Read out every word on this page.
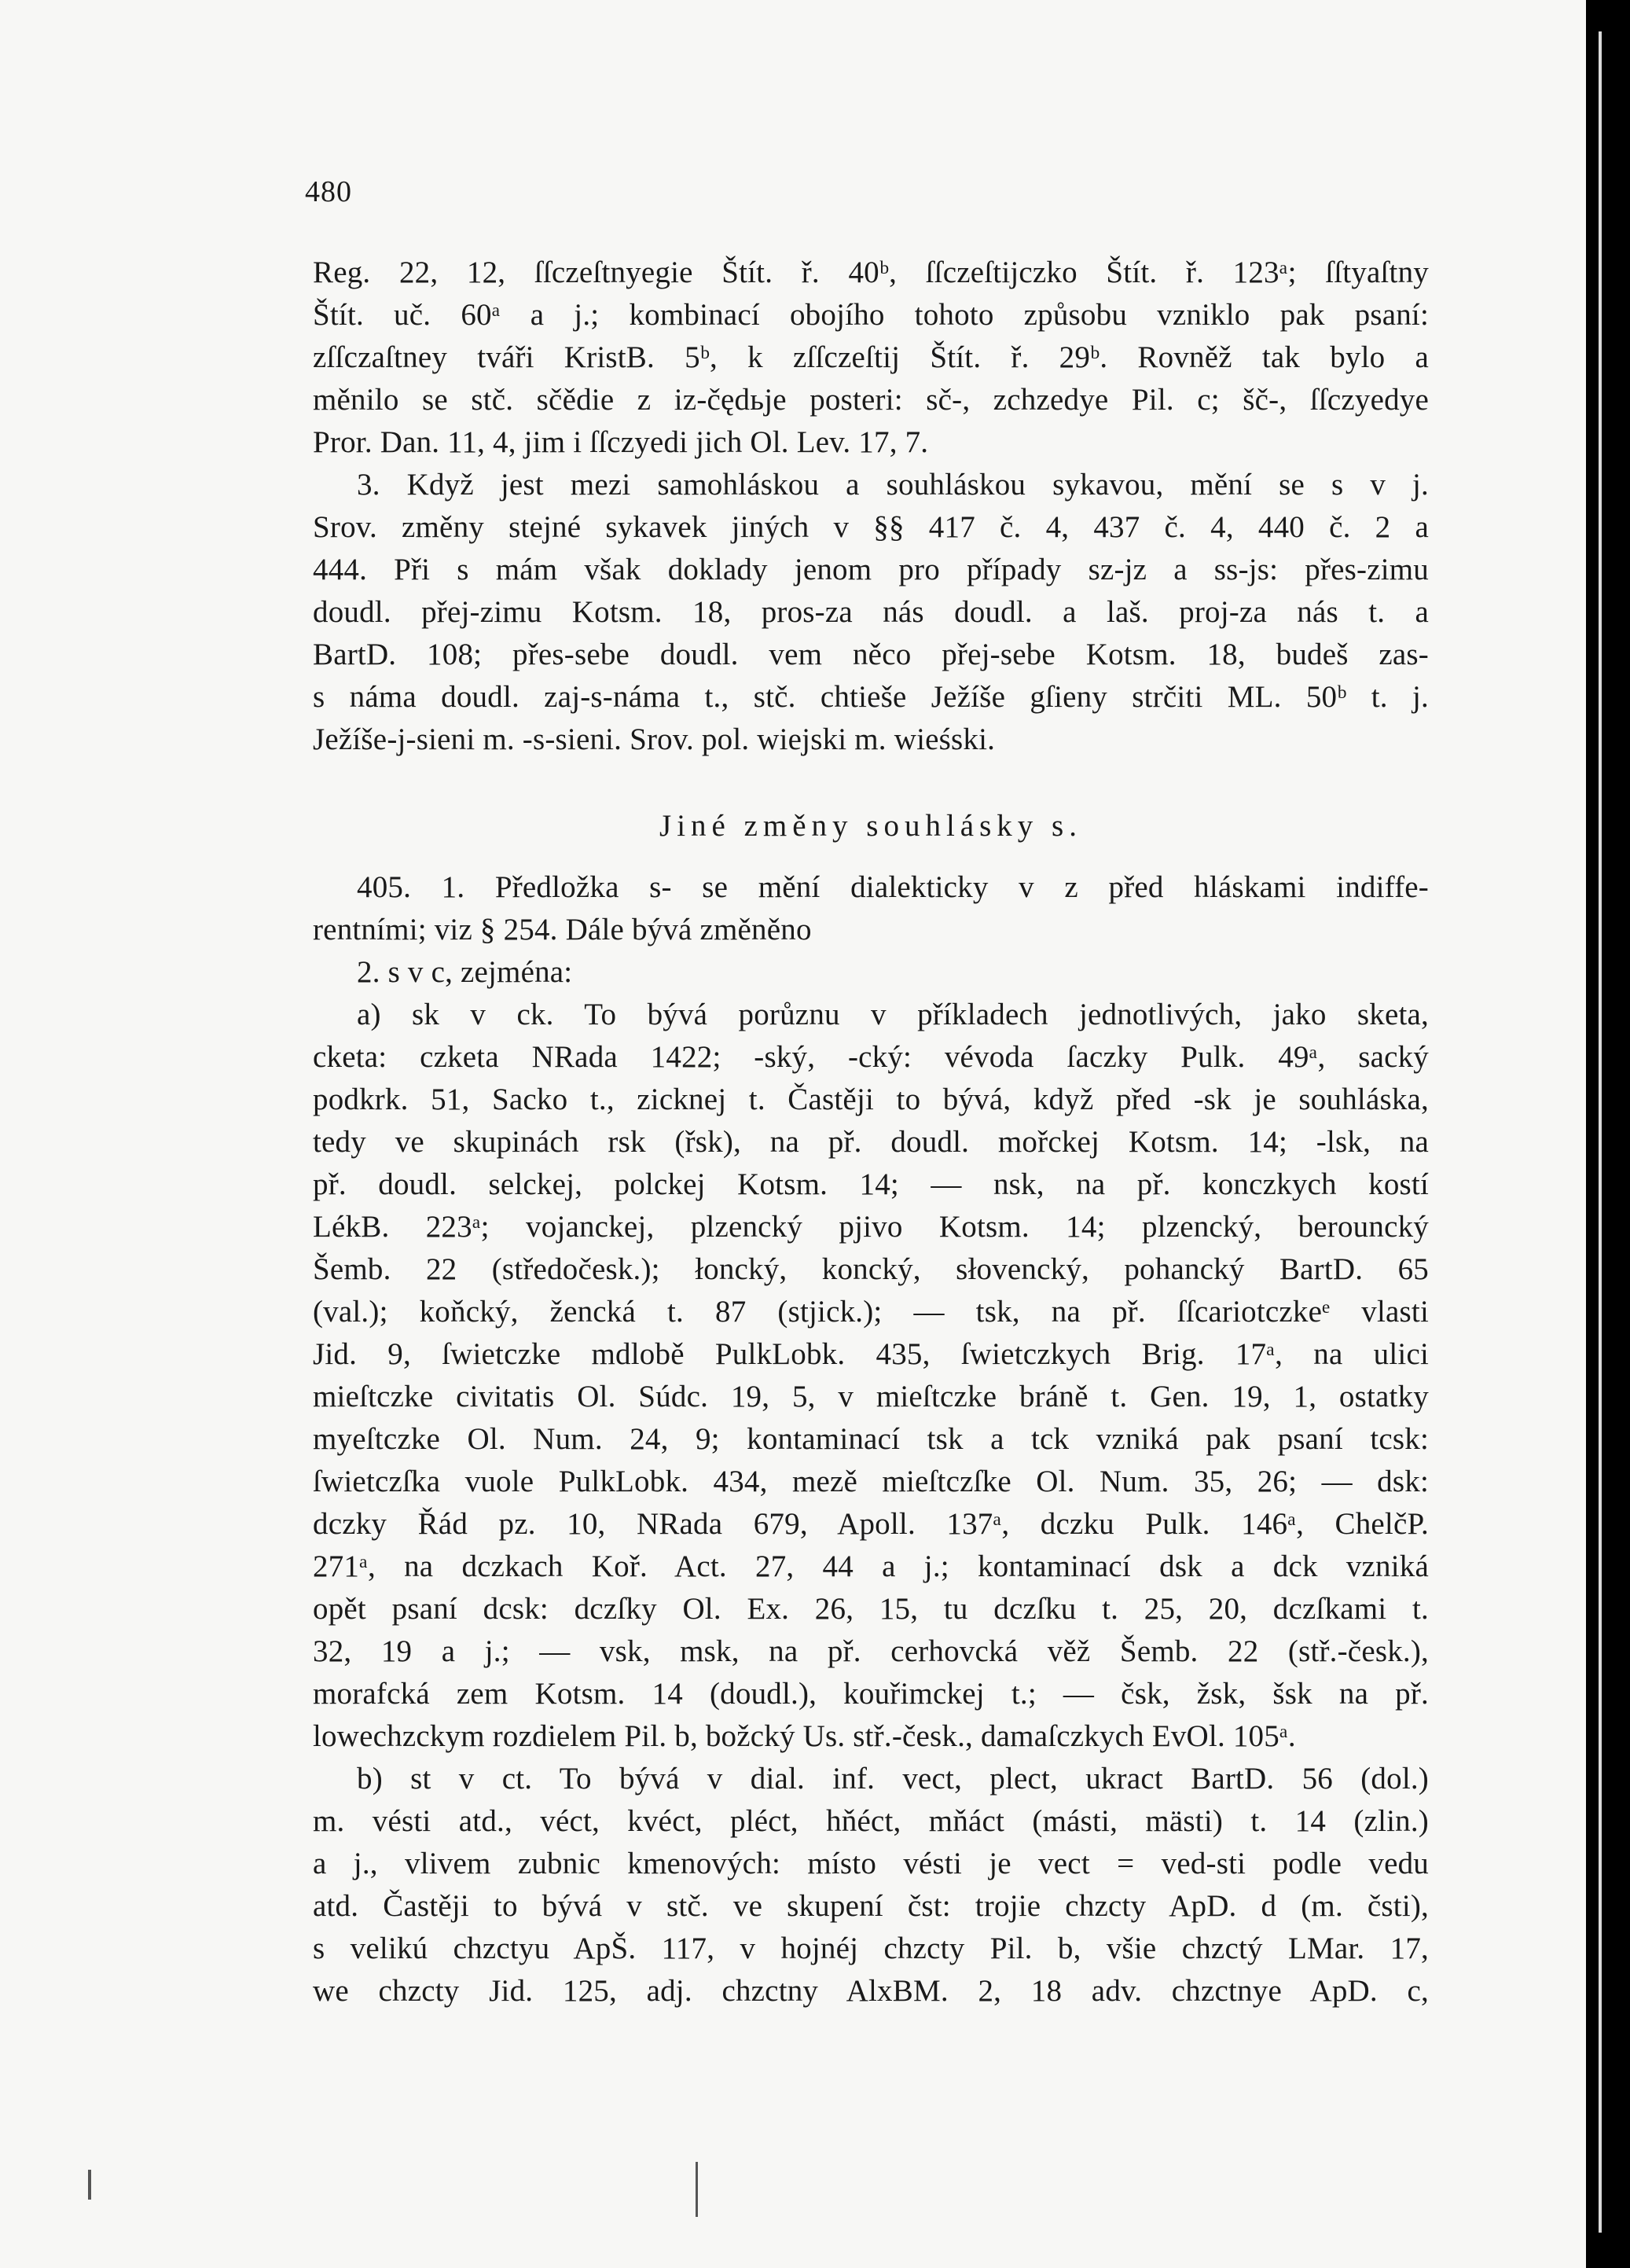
480
Reg. 22, 12, ſſczeſtnyegie Štít. ř. 40ᵇ, ſſczeſtijczko Štít. ř. 123ᵃ; ſſtyaſtny
Štít. uč. 60ᵃ a j.; kombinací obojího tohoto způsobu vzniklo pak psaní:
zſſczaſtney tváři KristB. 5ᵇ, k zſſczeſtij Štít. ř. 29ᵇ. Rovněž tak bylo a
měnilo se stč. sčědie z iz-čędьje posteri: sč-, zchzedye Pil. c; šč-, ſſczyedye
Pror. Dan. 11, 4, jim i ſſczyedi jich Ol. Lev. 17, 7.
3. Když jest mezi samohláskou a souhláskou sykavou, mění se s v j.
Srov. změny stejné sykavek jiných v §§ 417 č. 4, 437 č. 4, 440 č. 2 a
444. Při s mám však doklady jenom pro případy sz-jz a ss-js: přes-zimu
doudl. přej-zimu Kotsm. 18, pros-za nás doudl. a laš. proj-za nás t. a
BartD. 108; přes-sebe doudl. vem něco přej-sebe Kotsm. 18, budeš zas-
s náma doudl. zaj-s-náma t., stč. chtieše Ježíše gſieny strčiti ML. 50ᵇ t. j.
Ježíše-j-sieni m. -s-sieni. Srov. pol. wiejski m. wieśski.
Jiné změny souhlásky s.
405. 1. Předložka s- se mění dialekticky v z před hláskami indiffe-
rentními; viz § 254. Dále bývá změněno
2. s v c, zejména:
a) sk v ck. To bývá porůznu v příkladech jednotlivých, jako sketa,
cketa: czketa NRada 1422; -ský, -cký: vévoda ſaczky Pulk. 49ᵃ, sacký
podkrk. 51, Sacko t., zicknej t. Častěji to bývá, když před -sk je souhláska,
tedy ve skupinách rsk (řsk), na př. doudl. mořckej Kotsm. 14; -lsk, na
př. doudl. selckej, polckej Kotsm. 14; — nsk, na př. konczkych kostí
LékB. 223ᵃ; vojanckej, plzencký pjivo Kotsm. 14; plzencký, berouncký
Šemb. 22 (středočesk.); łoncký, koncký, słovencký, pohancký BartD. 65
(val.); koňcký, žencká t. 87 (stjick.); — tsk, na př. ſſcariotczkeᵉ vlasti
Jid. 9, ſwietczke mdlobě PulkLobk. 435, ſwietczkych Brig. 17ᵃ, na ulici
mieſtczke civitatis Ol. Súdc. 19, 5, v mieſtczke bráně t. Gen. 19, 1, ostatky
myeſtczke Ol. Num. 24, 9; kontaminací tsk a tck vzniká pak psaní tcsk:
ſwietczſka vuole PulkLobk. 434, mezě mieſtczſke Ol. Num. 35, 26; — dsk:
dczky Řád pz. 10, NRada 679, Apoll. 137ᵃ, dczku Pulk. 146ᵃ, ChelčP.
271ᵃ, na dczkach Koř. Act. 27, 44 a j.; kontaminací dsk a dck vzniká
opět psaní dcsk: dczſky Ol. Ex. 26, 15, tu dczſku t. 25, 20, dczſkami t.
32, 19 a j.; — vsk, msk, na př. cerhovcká věž Šemb. 22 (stř.-česk.),
morafcká zem Kotsm. 14 (doudl.), kouřimckej t.; — čsk, žsk, šsk na př.
lowechzckym rozdielem Pil. b, božcký Us. stř.-česk., damaſczkych EvOl. 105ᵃ.
b) st v ct. To bývá v dial. inf. vect, plect, ukract BartD. 56 (dol.)
m. vésti atd., véct, kvéct, pléct, hňéct, mňáct (másti, mästi) t. 14 (zlin.)
a j., vlivem zubnic kmenových: místo vésti je vect = ved-sti podle vedu
atd. Častěji to bývá v stč. ve skupení čst: trojie chzcty ApD. d (m. čsti),
s velikú chzctyu ApŠ. 117, v hojnéj chzcty Pil. b, všie chzctý LMar. 17,
we chzcty Jid. 125, adj. chzctny AlxBM. 2, 18 adv. chzctnye ApD. c,
